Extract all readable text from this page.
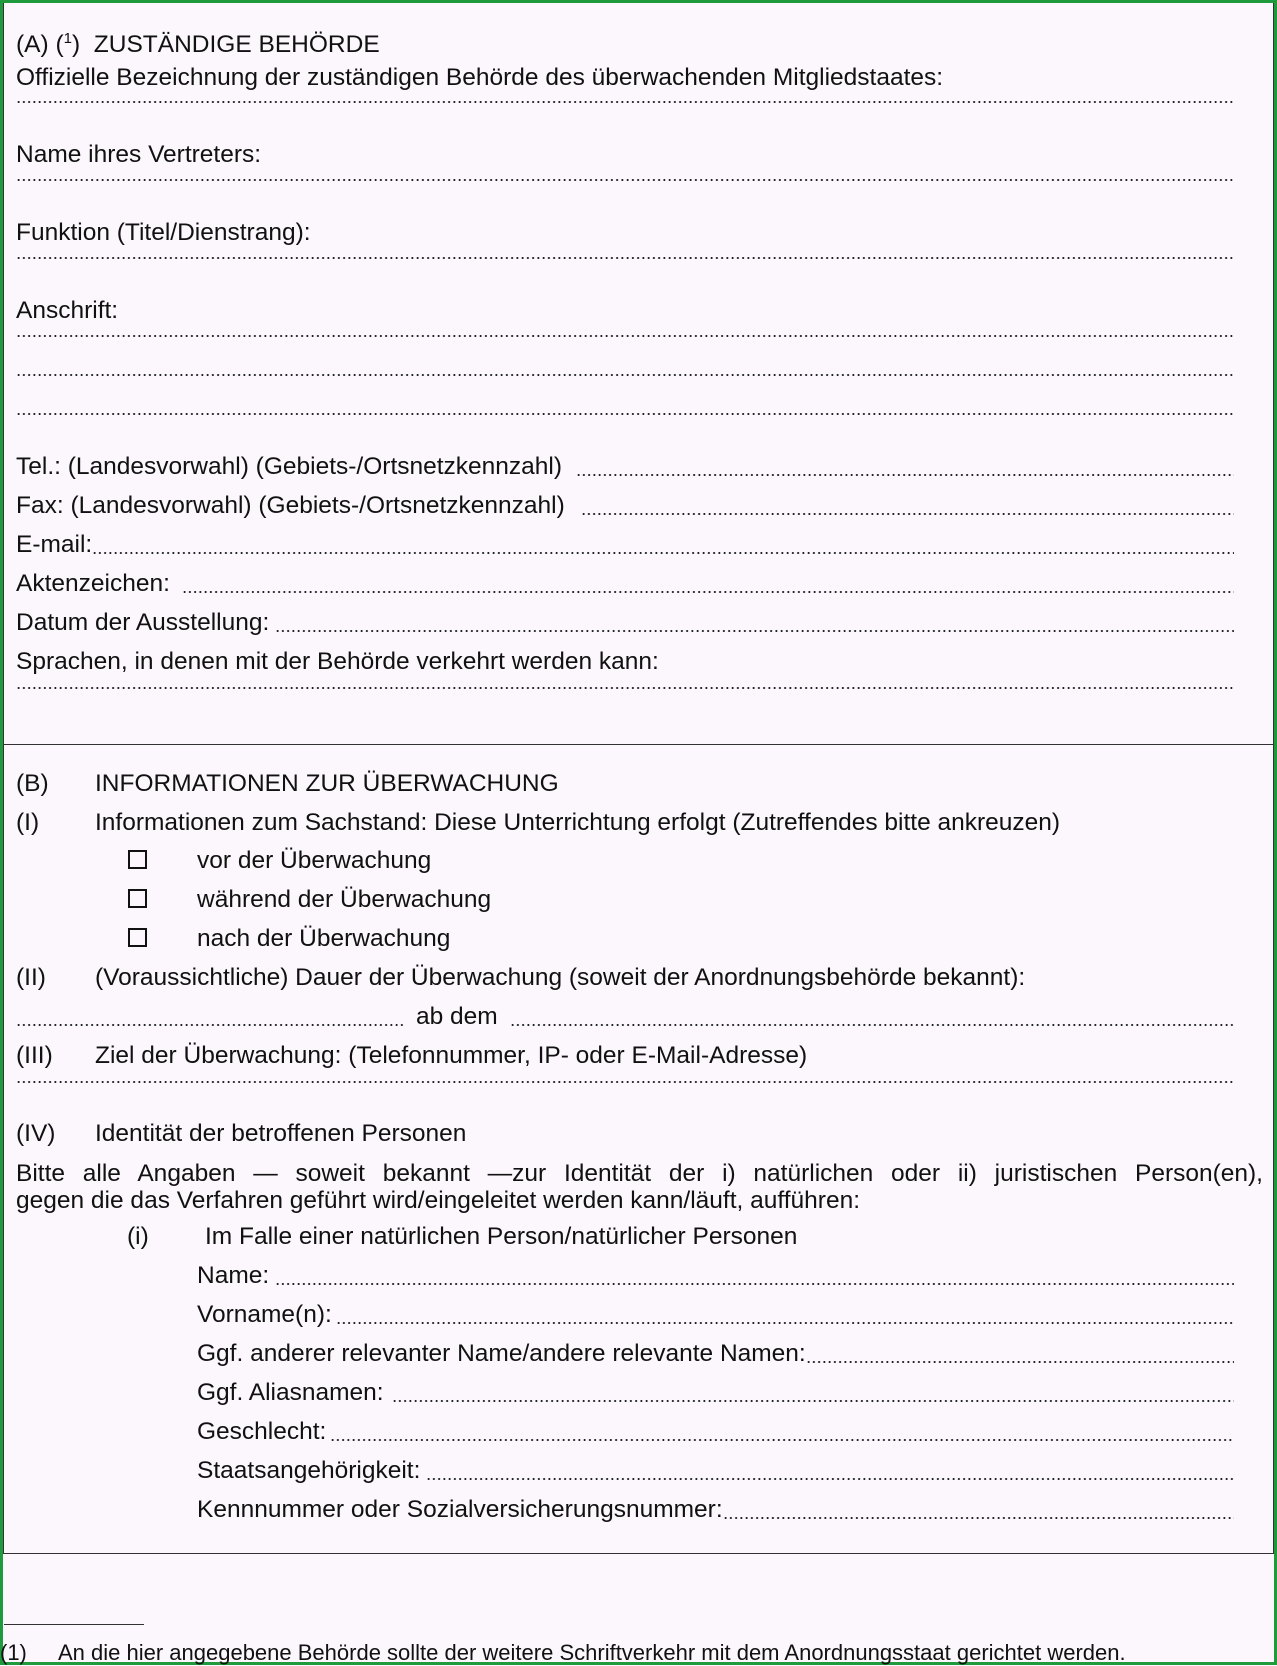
(A)
($^1$)
ZUSTÄNDIGE BEHÖRDE
Offizielle Bezeichnung der zuständigen Behörde des überwachenden Mitgliedstaates:
Name ihres Vertreters:
Funktion (Titel/Dienstrang):
Anschrift:
Tel.: (Landesvorwahl) (Gebiets-/Ortsnetzkennzahl)
Fax: (Landesvorwahl) (Gebiets-/Ortsnetzkennzahl)
E-mail:
Aktenzeichen:
Datum der Ausstellung:
Sprachen, in denen mit der Behörde verkehrt werden kann:
(B)	INFORMATIONEN ZUR ÜBERWACHUNG
(I)	Informationen zum Sachstand: Diese Unterrichtung erfolgt (Zutreffendes bitte ankreuzen)
vor der Überwachung
während der Überwachung
nach der Überwachung
(II)	(Voraussichtliche) Dauer der Überwachung (soweit der Anordnungsbehörde bekannt):
ab dem
(III)	Ziel der Überwachung: (Telefonnummer, IP- oder E-Mail-Adresse)
(IV)	Identität der betroffenen Personen
Bitte alle Angaben — soweit bekannt —zur Identität der i) natürlichen oder ii) juristischen Person(en),
gegen die das Verfahren geführt wird/eingeleitet werden kann/läuft, aufführen:
(i)	Im Falle einer natürlichen Person/natürlicher Personen
Name:
Vorname(n):
Ggf. anderer relevanter Name/andere relevante Namen:
Ggf. Aliasnamen:
Geschlecht:
Staatsangehörigkeit:
Kennnummer oder Sozialversicherungsnummer:
(1) An die hier angegebene Behörde sollte der weitere Schriftverkehr mit dem Anordnungsstaat gerichtet werden.
